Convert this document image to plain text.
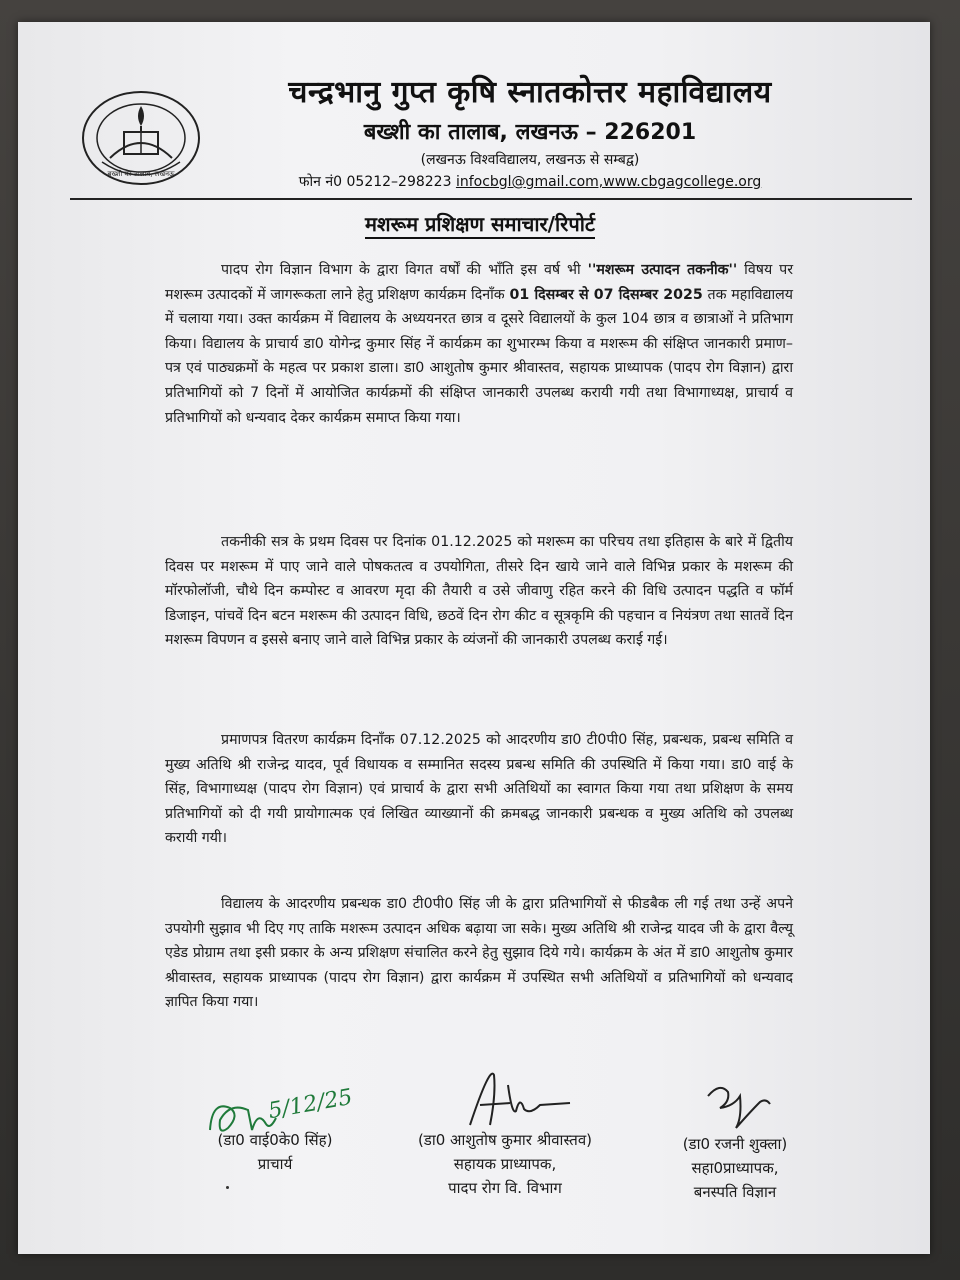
बख्शी का तालाब, लखनऊ
चन्द्रभानु गुप्त कृषि स्नातकोत्तर महाविद्यालय
बख्शी का तालाब, लखनऊ – 226201
(लखनऊ विश्वविद्यालय, लखनऊ से सम्बद्व)
फोन नं0 05212–298223 infocbgl@gmail.com,www.cbgagcollege.org
मशरूम प्रशिक्षण समाचार/रिपोर्ट
पादप रोग विज्ञान विभाग के द्वारा विगत वर्षों की भाँति इस वर्ष भी ''मशरूम उत्पादन तकनीक'' विषय पर मशरूम उत्पादकों में जागरूकता लाने हेतु प्रशिक्षण कार्यक्रम दिनाँक 01 दिसम्बर से 07 दिसम्बर 2025 तक महाविद्यालय में चलाया गया। उक्त कार्यक्रम में विद्यालय के अध्ययनरत छात्र व दूसरे विद्यालयों के कुल 104 छात्र व छात्राओं ने प्रतिभाग किया। विद्यालय के प्राचार्य डा0 योगेन्द्र कुमार सिंह नें कार्यक्रम का शुभारम्भ किया व मशरूम की संक्षिप्त जानकारी प्रमाण–पत्र एवं पाठ्यक्रमों के महत्व पर प्रकाश डाला। डा0 आशुतोष कुमार श्रीवास्तव, सहायक प्राध्यापक (पादप रोग विज्ञान) द्वारा प्रतिभागियों को 7 दिनों में आयोजित कार्यक्रमों की संक्षिप्त जानकारी उपलब्ध करायी गयी तथा विभागाध्यक्ष, प्राचार्य व प्रतिभागियों को धन्यवाद देकर कार्यक्रम समाप्त किया गया।
तकनीकी सत्र के प्रथम दिवस पर दिनांक 01.12.2025 को मशरूम का परिचय तथा इतिहास के बारे में द्वितीय दिवस पर मशरूम में पाए जाने वाले पोषकतत्व व उपयोगिता, तीसरे दिन खाये जाने वाले विभिन्न प्रकार के मशरूम की मॉरफोलॉजी, चौथे दिन कम्पोस्ट व आवरण मृदा की तैयारी व उसे जीवाणु रहित करने की विधि उत्पादन पद्धति व फॉर्म डिजाइन, पांचवें दिन बटन मशरूम की उत्पादन विधि, छठवें दिन रोग कीट व सूत्रकृमि की पहचान व नियंत्रण तथा सातवें दिन मशरूम विपणन व इससे बनाए जाने वाले विभिन्न प्रकार के व्यंजनों की जानकारी उपलब्ध कराई गई।
प्रमाणपत्र वितरण कार्यक्रम दिनाँक 07.12.2025 को आदरणीय डा0 टी0पी0 सिंह, प्रबन्धक, प्रबन्ध समिति व मुख्य अतिथि श्री राजेन्द्र यादव, पूर्व विधायक व सम्मानित सदस्य प्रबन्ध समिति की उपस्थिति में किया गया। डा0 वाई के सिंह, विभागाध्यक्ष (पादप रोग विज्ञान) एवं प्राचार्य के द्वारा सभी अतिथियों का स्वागत किया गया तथा प्रशिक्षण के समय प्रतिभागियों को दी गयी प्रायोगात्मक एवं लिखित व्याख्यानों की क्रमबद्ध जानकारी प्रबन्धक व मुख्य अतिथि को उपलब्ध करायी गयी।
विद्यालय के आदरणीय प्रबन्धक डा0 टी0पी0 सिंह जी के द्वारा प्रतिभागियों से फीडबैक ली गई तथा उन्हें अपने उपयोगी सुझाव भी दिए गए ताकि मशरूम उत्पादन अधिक बढ़ाया जा सके। मुख्य अतिथि श्री राजेन्द्र यादव जी के द्वारा वैल्यू एडेड प्रोग्राम तथा इसी प्रकार के अन्य प्रशिक्षण संचालित करने हेतु सुझाव दिये गये। कार्यक्रम के अंत में डा0 आशुतोष कुमार श्रीवास्तव, सहायक प्राध्यापक (पादप रोग विज्ञान) द्वारा कार्यक्रम में उपस्थित सभी अतिथियों व प्रतिभागियों को धन्यवाद ज्ञापित किया गया।
5/12/25
(डा0 वाई0के0 सिंह)
प्राचार्य
(डा0 आशुतोष कुमार श्रीवास्तव)
सहायक प्राध्यापक,
पादप रोग वि. विभाग
(डा0 रजनी शुक्ला)
सहा0प्राध्यापक,
बनस्पति विज्ञान
